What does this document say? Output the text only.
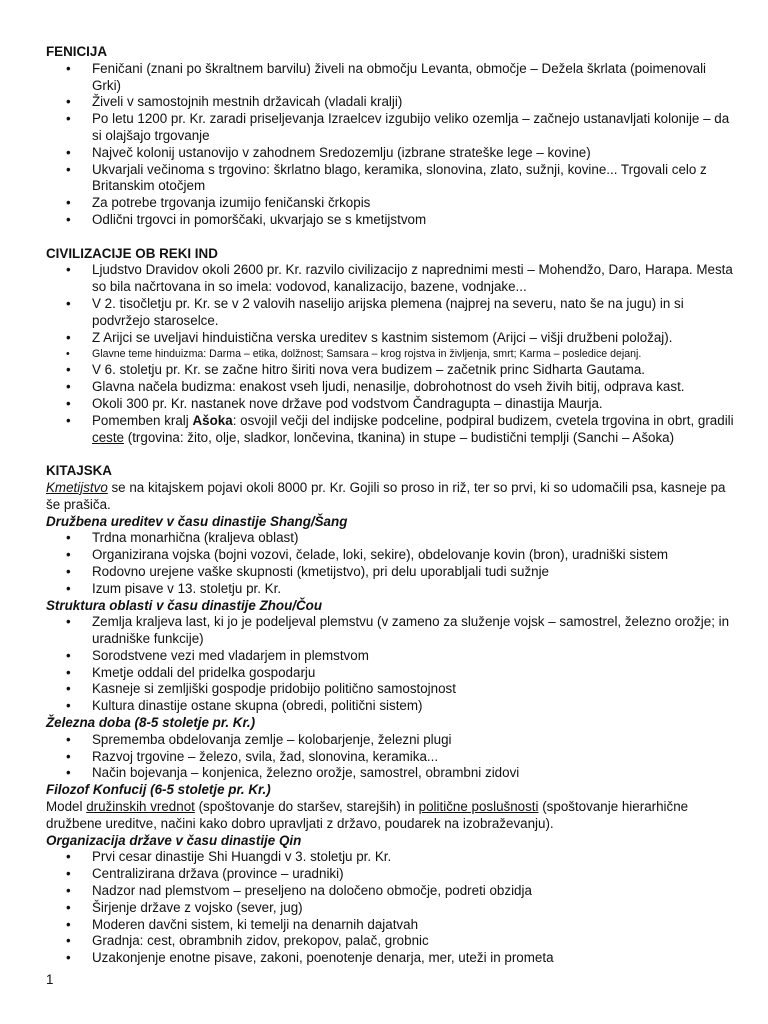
FENICIJA
• Feničani (znani po škraltnem barvilu) živeli na območju Levanta, območje – Dežela škrlata (poimenovali Grki)
• Živeli v samostojnih mestnih državicah (vladali kralji)
• Po letu 1200 pr. Kr. zaradi priseljevanja Izraelcev izgubijo veliko ozemlja – začnejo ustanavljati kolonije – da si olajšajo trgovanje
• Največ kolonij ustanovijo v zahodnem Sredozemlju (izbrane strateške lege – kovine)
• Ukvarjali večinoma s trgovino: škrlatno blago, keramika, slonovina, zlato, sužnji, kovine... Trgovali celo z Britanskim otočjem
• Za potrebe trgovanja izumijo feničanski črkopis
• Odlični trgovci in pomorščaki, ukvarjajo se s kmetijstvom
CIVILIZACIJE OB REKI IND
• Ljudstvo Dravidov okoli 2600 pr. Kr. razvilo civilizacijo z naprednimi mesti – Mohendžo, Daro, Harapa. Mesta so bila načrtovana in so imela: vodovod, kanalizacijo, bazene, vodnjake...
• V 2. tisočletju pr. Kr. se v 2 valovih naselijo arijska plemena (najprej na severu, nato še na jugu) in si podvržejo staroselce.
• Z Arijci se uveljavi hinduistična verska ureditev s kastnim sistemom (Arijci – višji družbeni položaj).
• Glavne teme hinduizma: Darma – etika, dolžnost; Samsara – krog rojstva in življenja, smrt; Karma – posledice dejanj.
• V 6. stoletju pr. Kr. se začne hitro širiti nova vera budizem – začetnik princ Sidharta Gautama.
• Glavna načela budizma: enakost vseh ljudi, nenasilje, dobrohotnost do vseh živih bitij, odprava kast.
• Okoli 300 pr. Kr. nastanek nove države pod vodstvom Čandragupta – dinastija Maurja.
• Pomemben kralj Ašoka: osvojil večji del indijske podceline, podpiral budizem, cvetela trgovina in obrt, gradili ceste (trgovina: žito, olje, sladkor, lončevina, tkanina) in stupe – budistični templji (Sanchi – Ašoka)
KITAJSKA

Kmetijstvo se na kitajskem pojavi okoli 8000 pr. Kr. Gojili so proso in riž, ter so prvi, ki so udomačili psa, kasneje pa še prašiča.

Družbena ureditev v času dinastije Shang/Šang
• Trdna monarhična (kraljeva oblast)
• Organizirana vojska (bojni vozovi, čelade, loki, sekire), obdelovanje kovin (bron), uradniški sistem
• Rodovno urejene vaške skupnosti (kmetijstvo), pri delu uporabljali tudi sužnje
• Izum pisave v 13. stoletju pr. Kr.
Struktura oblasti v času dinastije Zhou/Čou
• Zemlja kraljeva last, ki jo je podeljeval plemstvu (v zameno za služenje vojsk – samostrel, železno orožje; in uradniške funkcije)
• Sorodstvene vezi med vladarjem in plemstvom
• Kmetje oddali del pridelka gospodarju
• Kasneje si zemljiški gospodje pridobijo politično samostojnost
• Kultura dinastije ostane skupna (obredi, politični sistem)
Železna doba (8-5 stoletje pr. Kr.)
• Sprememba obdelovanja zemlje – kolobarjenje, železni plugi
• Razvoj trgovine – železo, svila, žad, slonovina, keramika...
• Način bojevanja – konjenica, železno orožje, samostrel, obrambni zidovi
Filozof Konfucij (6-5 stoletje pr. Kr.)

Model družinskih vrednot (spoštovanje do staršev, starejših) in politične poslušnosti (spoštovanje hierarhične družbene ureditve, načini kako dobro upravljati z državo, poudarek na izobraževanju).

Organizacija države v času dinastije Qin
• Prvi cesar dinastije Shi Huangdi v 3. stoletju pr. Kr.
• Centralizirana država (province – uradniki)
• Nadzor nad plemstvom – preseljeno na določeno območje, podreti obzidja
• Širjenje države z vojsko (sever, jug)
• Moderen davčni sistem, ki temelji na denarnih dajatvah
• Gradnja: cest, obrambnih zidov, prekopov, palač, grobnic
• Uzakonjenje enotne pisave, zakoni, poenotenje denarja, mer, uteži in prometa
1
